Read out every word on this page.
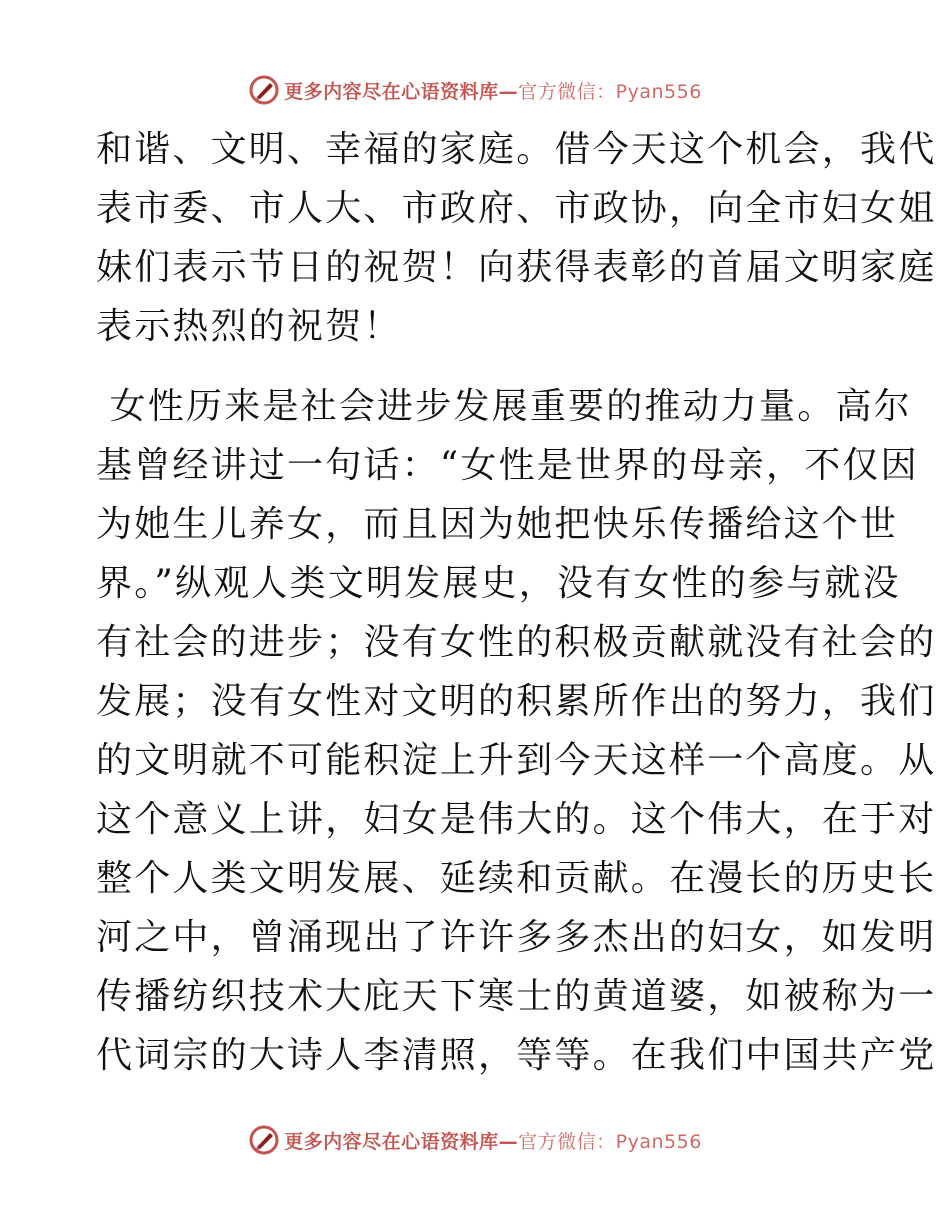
更多内容尽在心语资料库—官方微信：Pyan556
和谐、文明、幸福的家庭。借今天这个机会，我代
表市委、市人大、市政府、市政协，向全市妇女姐
妹们表示节日的祝贺！向获得表彰的首届文明家庭
表示热烈的祝贺！
女性历来是社会进步发展重要的推动力量。高尔
基曾经讲过一句话：“女性是世界的母亲，不仅因
为她生儿养女，而且因为她把快乐传播给这个世
界。”纵观人类文明发展史，没有女性的参与就没
有社会的进步；没有女性的积极贡献就没有社会的
发展；没有女性对文明的积累所作出的努力，我们
的文明就不可能积淀上升到今天这样一个高度。从
这个意义上讲，妇女是伟大的。这个伟大，在于对
整个人类文明发展、延续和贡献。在漫长的历史长
河之中，曾涌现出了许许多多杰出的妇女，如发明
传播纺织技术大庇天下寒士的黄道婆，如被称为一
代词宗的大诗人李清照，等等。在我们中国共产党
更多内容尽在心语资料库—官方微信：Pyan556
